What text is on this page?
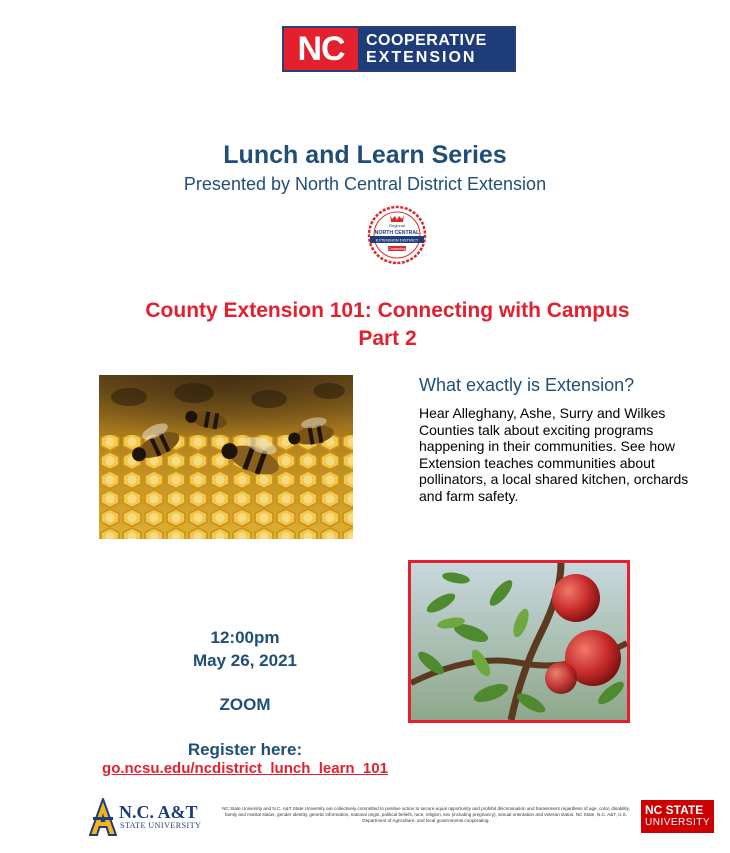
NC	COOPERATIVE
EXTENSION
Lunch and Learn Series
Presented by North Central District Extension
Regional
NORTH CENTRAL
EXTENSION DISTRICT
Connecting
County Extension 101: Connecting with Campus
Part 2
What exactly is Extension?
Hear Alleghany, Ashe, Surry and Wilkes Counties talk about exciting programs happening in their communities. See how Extension teaches communities about pollinators, a local shared kitchen, orchards and farm safety.
12:00pm
May 26, 2021
ZOOM
Register here:
go.ncsu.edu/ncdistrict_lunch_learn_101
N.C. A&T
STATE UNIVERSITY
NC State University and N.C. A&T State University are collectively committed to positive action to secure equal opportunity and prohibit discrimination and harassment regardless of age, color, disability, family and marital status, gender identity, genetic information, national origin, political beliefs, race, religion, sex (including pregnancy), sexual orientation and veteran status. NC State, N.C. A&T, U.S. Department of Agriculture, and local governments cooperating.
NC STATE
UNIVERSITY
